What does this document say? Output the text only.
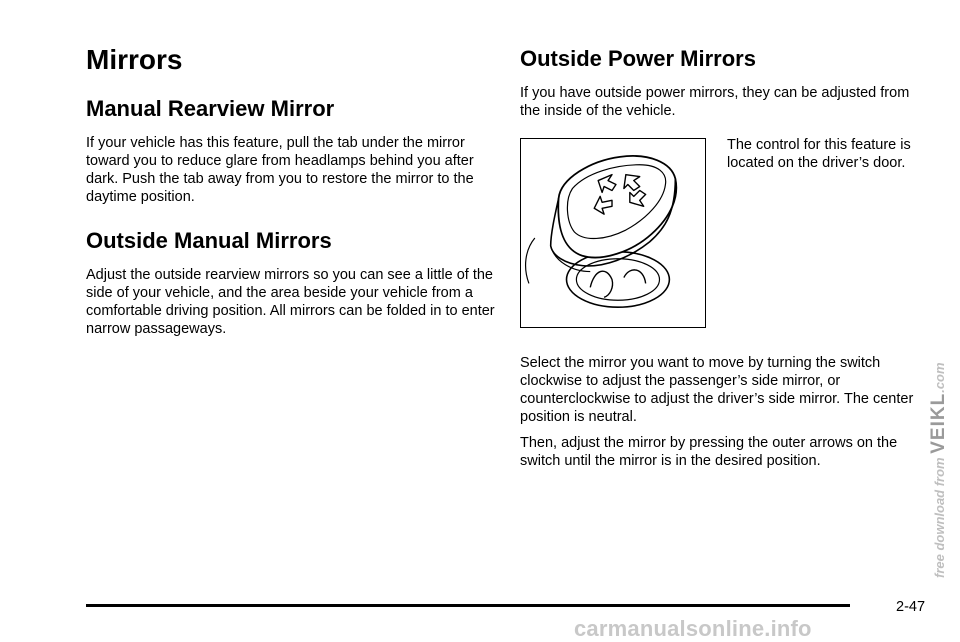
Mirrors
Manual Rearview Mirror

If your vehicle has this feature, pull the tab under the mirror toward you to reduce glare from headlamps behind you after dark. Push the tab away from you to restore the mirror to the daytime position.

Outside Manual Mirrors

Adjust the outside rearview mirrors so you can see a little of the side of your vehicle, and the area beside your vehicle from a comfortable driving position. All mirrors can be folded in to enter narrow passageways.

Outside Power Mirrors

If you have outside power mirrors, they can be adjusted from the inside of the vehicle.

The control for this feature is located on the driver’s door.

Select the mirror you want to move by turning the switch clockwise to adjust the passenger’s side mirror, or counterclockwise to adjust the driver’s side mirror. The center position is neutral.

Then, adjust the mirror by pressing the outer arrows on the switch until the mirror is in the desired position.

2-47
free download from VEIKL.com
carmanualsonline.info
